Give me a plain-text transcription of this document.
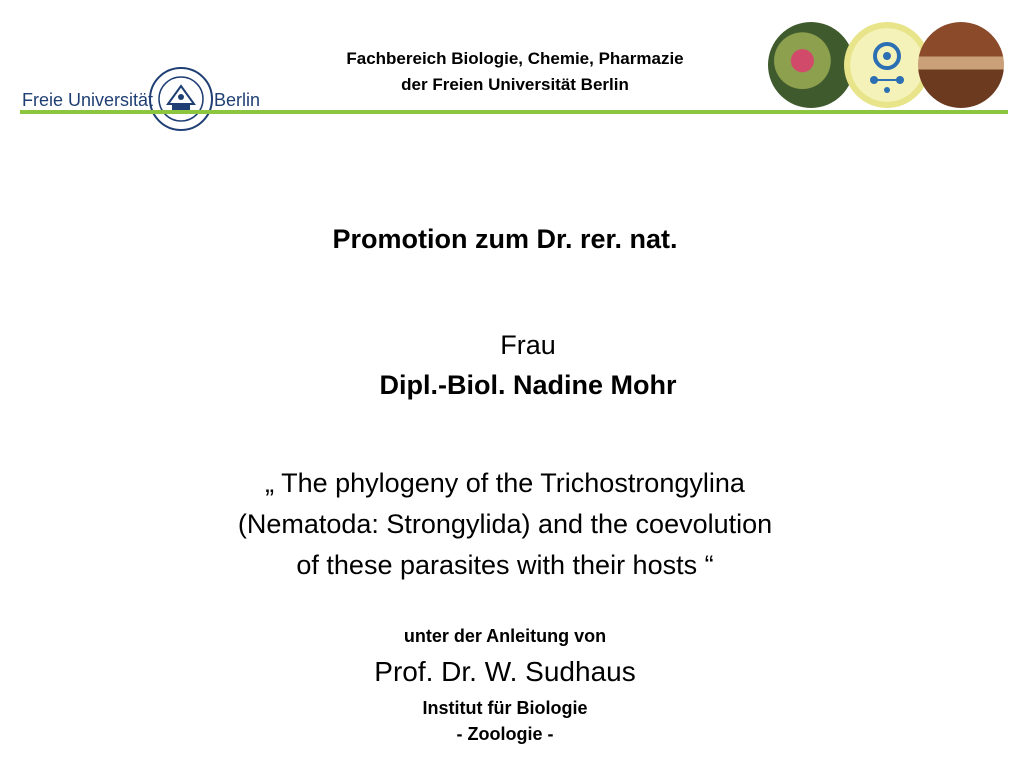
Fachbereich Biologie, Chemie, Pharmazie
der Freien Universität Berlin
Freie Universität	Berlin
Promotion zum Dr. rer. nat.
Frau
Dipl.-Biol. Nadine Mohr
„ The phylogeny of the Trichostrongylina
(Nematoda: Strongylida) and the coevolution
of these parasites with their hosts “
unter der Anleitung von
Prof. Dr. W. Sudhaus
Institut für Biologie
- Zoologie -
